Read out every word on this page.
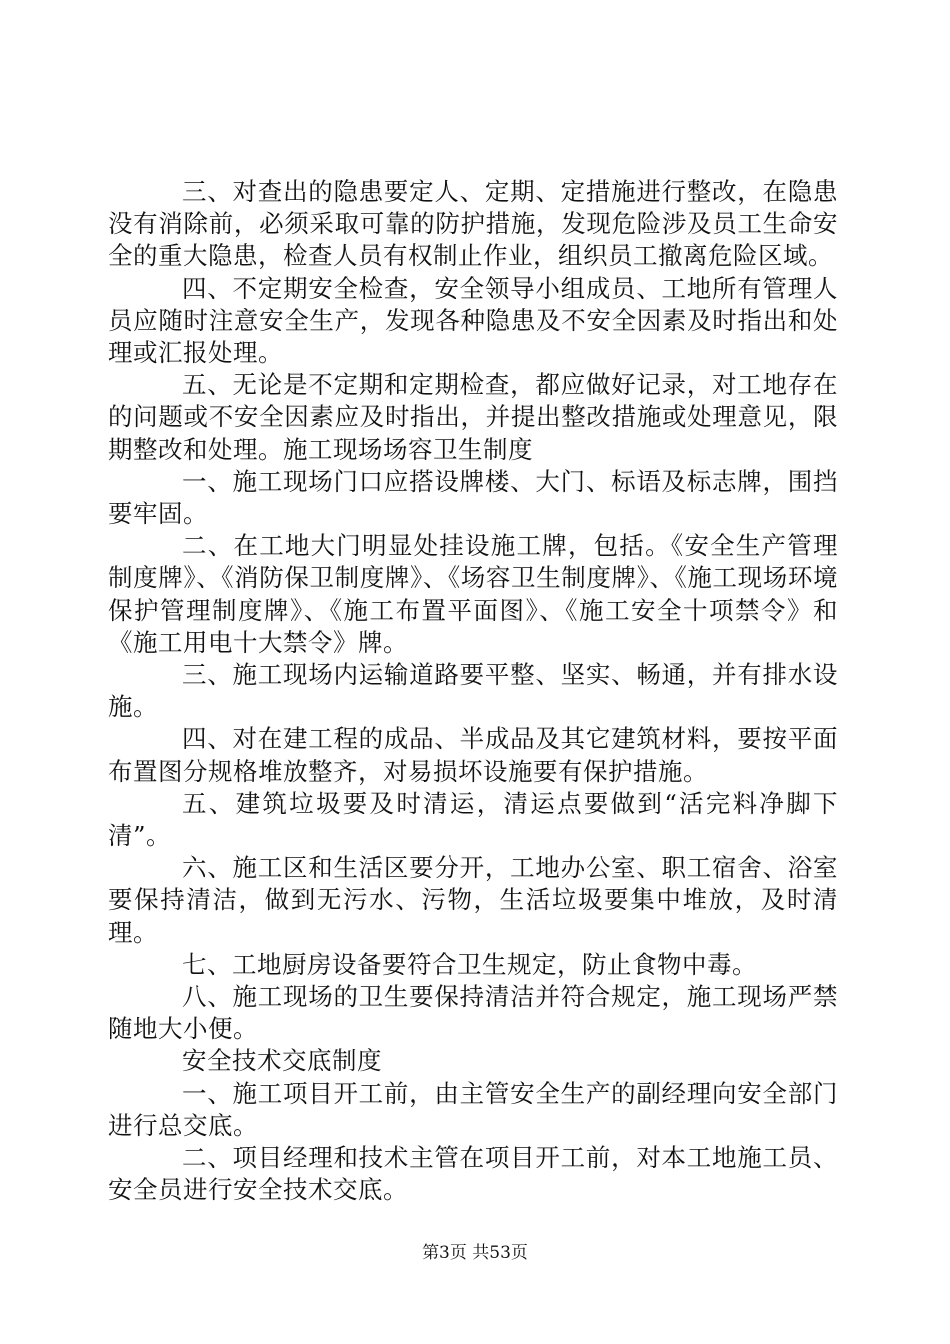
三、对查出的隐患要定人、定期、定措施进行整改，在隐患没有消除前，必须采取可靠的防护措施，发现危险涉及员工生命安全的重大隐患，检查人员有权制止作业，组织员工撤离危险区域。

四、不定期安全检查，安全领导小组成员、工地所有管理人员应随时注意安全生产，发现各种隐患及不安全因素及时指出和处理或汇报处理。

五、无论是不定期和定期检查，都应做好记录，对工地存在的问题或不安全因素应及时指出，并提出整改措施或处理意见，限期整改和处理。施工现场场容卫生制度

一、施工现场门口应搭设牌楼、大门、标语及标志牌，围挡要牢固。

二、在工地大门明显处挂设施工牌，包括。《安全生产管理制度牌》、《消防保卫制度牌》、《场容卫生制度牌》、《施工现场环境保护管理制度牌》、《施工布置平面图》、《施工安全十项禁令》和《施工用电十大禁令》牌。

三、施工现场内运输道路要平整、坚实、畅通，并有排水设施。

四、对在建工程的成品、半成品及其它建筑材料，要按平面布置图分规格堆放整齐，对易损坏设施要有保护措施。

五、建筑垃圾要及时清运，清运点要做到“活完料净脚下清”。

六、施工区和生活区要分开，工地办公室、职工宿舍、浴室要保持清洁，做到无污水、污物，生活垃圾要集中堆放，及时清理。

七、工地厨房设备要符合卫生规定，防止食物中毒。

八、施工现场的卫生要保持清洁并符合规定，施工现场严禁随地大小便。

安全技术交底制度

一、施工项目开工前，由主管安全生产的副经理向安全部门进行总交底。

二、项目经理和技术主管在项目开工前，对本工地施工员、安全员进行安全技术交底。

第3页 共53页
